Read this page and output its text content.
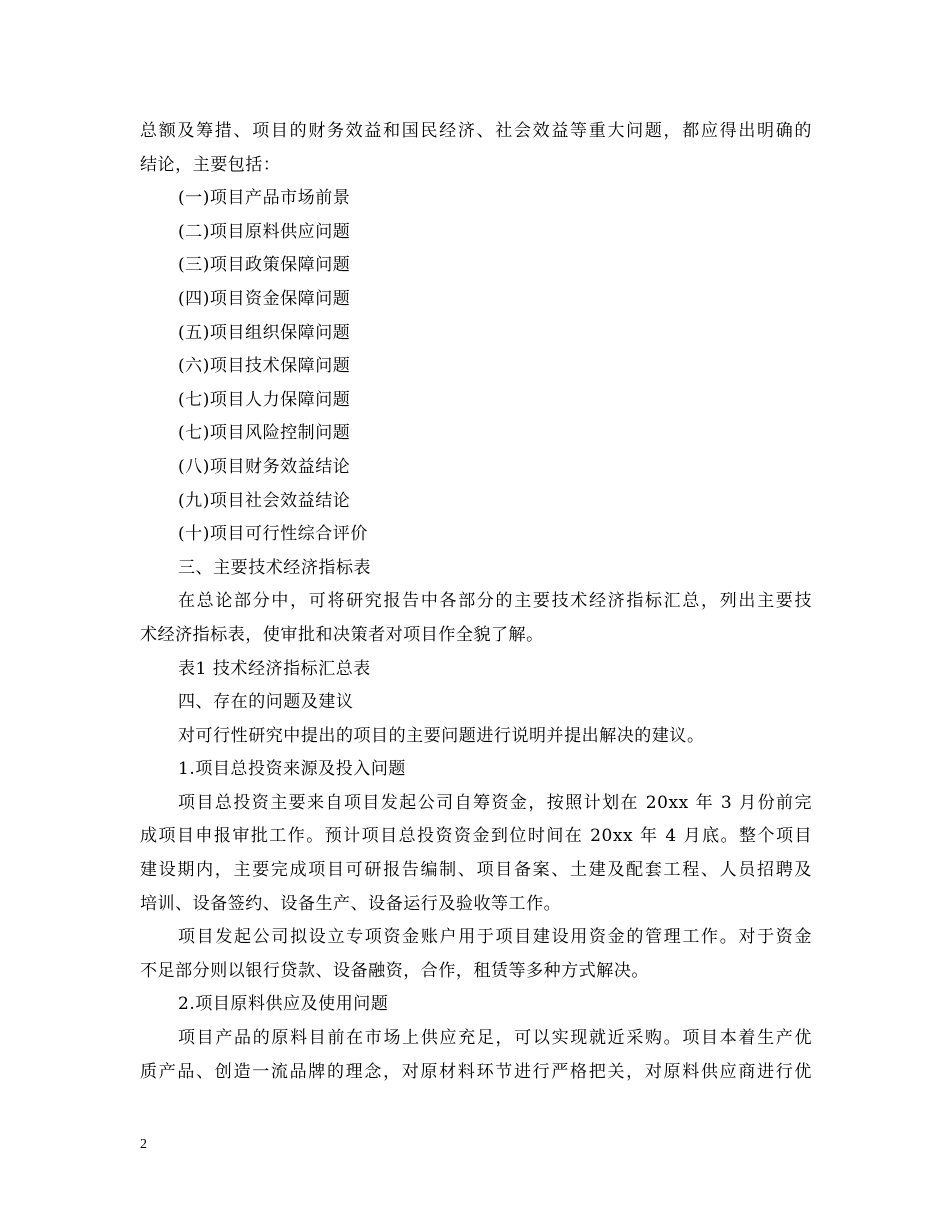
总额及筹措、项目的财务效益和国民经济、社会效益等重大问题，都应得出明确的
结论，主要包括：
(一)项目产品市场前景
(二)项目原料供应问题
(三)项目政策保障问题
(四)项目资金保障问题
(五)项目组织保障问题
(六)项目技术保障问题
(七)项目人力保障问题
(七)项目风险控制问题
(八)项目财务效益结论
(九)项目社会效益结论
(十)项目可行性综合评价
三、主要技术经济指标表
在总论部分中，可将研究报告中各部分的主要技术经济指标汇总，列出主要技
术经济指标表，使审批和决策者对项目作全貌了解。
表1 技术经济指标汇总表
四、存在的问题及建议
对可行性研究中提出的项目的主要问题进行说明并提出解决的建议。
1.项目总投资来源及投入问题
项目总投资主要来自项目发起公司自筹资金，按照计划在 20xx 年 3 月份前完
成项目申报审批工作。预计项目总投资资金到位时间在 20xx 年 4 月底。整个项目
建设期内，主要完成项目可研报告编制、项目备案、土建及配套工程、人员招聘及
培训、设备签约、设备生产、设备运行及验收等工作。
项目发起公司拟设立专项资金账户用于项目建设用资金的管理工作。对于资金
不足部分则以银行贷款、设备融资，合作，租赁等多种方式解决。
2.项目原料供应及使用问题
项目产品的原料目前在市场上供应充足，可以实现就近采购。项目本着生产优
质产品、创造一流品牌的理念，对原材料环节进行严格把关，对原料供应商进行优
2
